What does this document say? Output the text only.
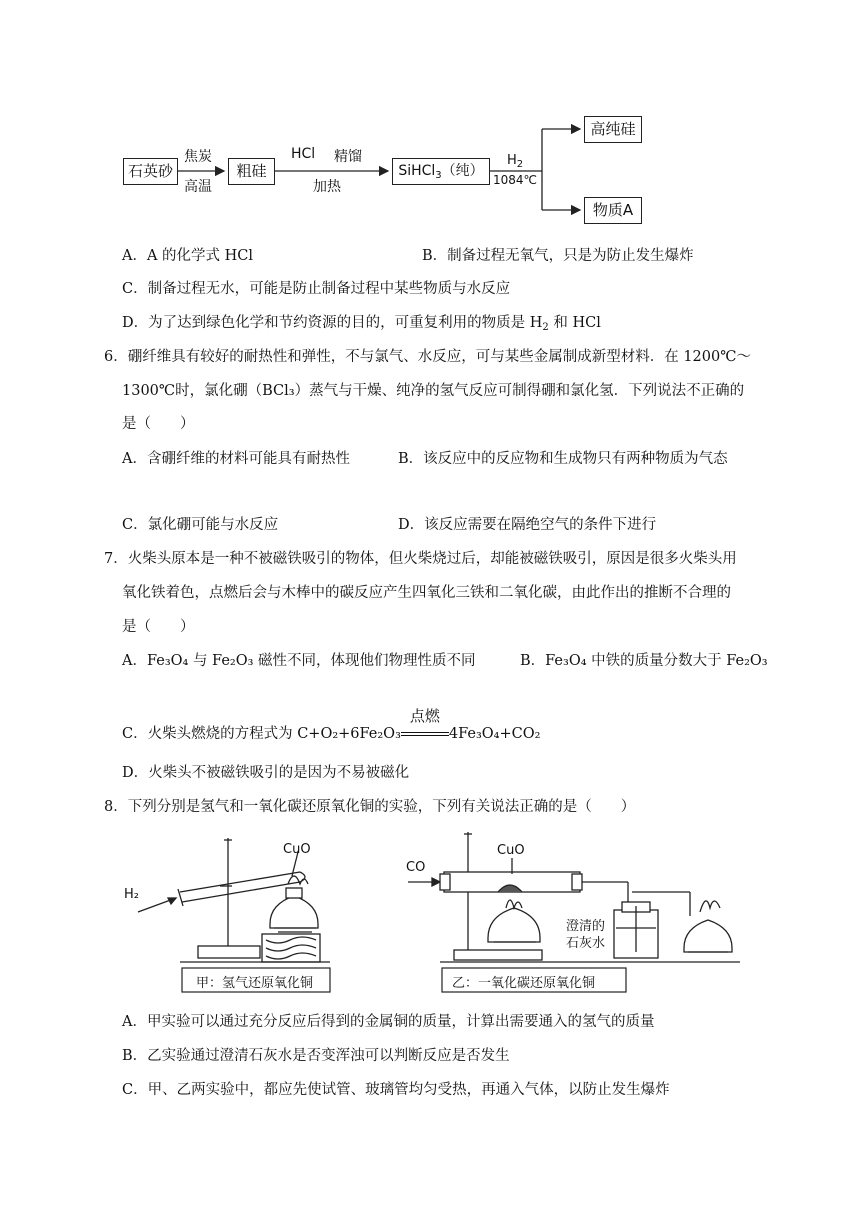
石英砂
焦炭
高温
粗硅
HCl 精馏
加热
SiHCl$_3$（纯）
$H_2$
1084℃
高纯硅
物质A
A．A 的化学式 HCl	B．制备过程无氧气，只是为防止发生爆炸
C．制备过程无水，可能是防止制备过程中某些物质与水反应
D．为了达到绿色化学和节约资源的目的，可重复利用的物质是 $H_2$ 和 HCl
6．硼纤维具有较好的耐热性和弹性，不与氯气、水反应，可与某些金属制成新型材料．在 1200℃～
1300℃时，氯化硼（BCl₃）蒸气与干燥、纯净的氢气反应可制得硼和氯化氢．下列说法不正确的
是（　　）
A．含硼纤维的材料可能具有耐热性	B．该反应中的反应物和生成物只有两种物质为气态
C．氯化硼可能与水反应	D．该反应需要在隔绝空气的条件下进行
7．火柴头原本是一种不被磁铁吸引的物体，但火柴烧过后，却能被磁铁吸引，原因是很多火柴头用
氧化铁着色，点燃后会与木棒中的碳反应产生四氧化三铁和二氧化碳，由此作出的推断不合理的
是（　　）
A．Fe₃O₄ 与 Fe₂O₃ 磁性不同，体现他们物理性质不同	B．Fe₃O₄ 中铁的质量分数大于 Fe₂O₃
C．火柴头燃烧的方程式为 C+O₂+6Fe₂O₃
点燃
4Fe₃O₄+CO₂
D．火柴头不被磁铁吸引的是因为不易被磁化
8．下列分别是氢气和一氧化碳还原氧化铜的实验，下列有关说法正确的是（　　）
H₂
CuO
甲：氢气还原氧化铜
CO
CuO
澄清的
石灰水
乙：一氧化碳还原氧化铜
A．甲实验可以通过充分反应后得到的金属铜的质量，计算出需要通入的氢气的质量
B．乙实验通过澄清石灰水是否变浑浊可以判断反应是否发生
C．甲、乙两实验中，都应先使试管、玻璃管均匀受热，再通入气体，以防止发生爆炸
